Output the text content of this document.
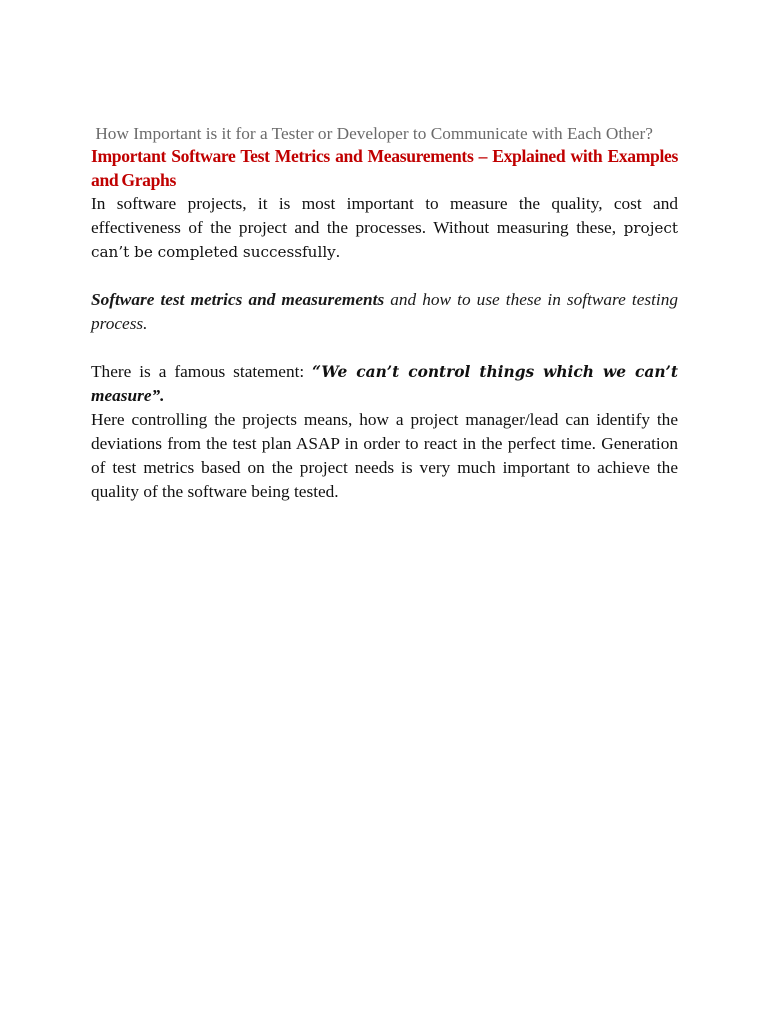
How Important is it for a Tester or Developer to Communicate with Each Other?

Important Software Test Metrics and Measurements – Explained with Examples and Graphs

In software projects, it is most important to measure the quality, cost and effectiveness of the project and the processes. Without measuring these, project can’t be completed successfully.

Software test metrics and measurements and how to use these in software testing process.

There is a famous statement: “We can’t control things which we can’t measure”.

Here controlling the projects means, how a project manager/lead can identify the deviations from the test plan ASAP in order to react in the perfect time. Generation of test metrics based on the project needs is very much important to achieve the quality of the software being tested.
